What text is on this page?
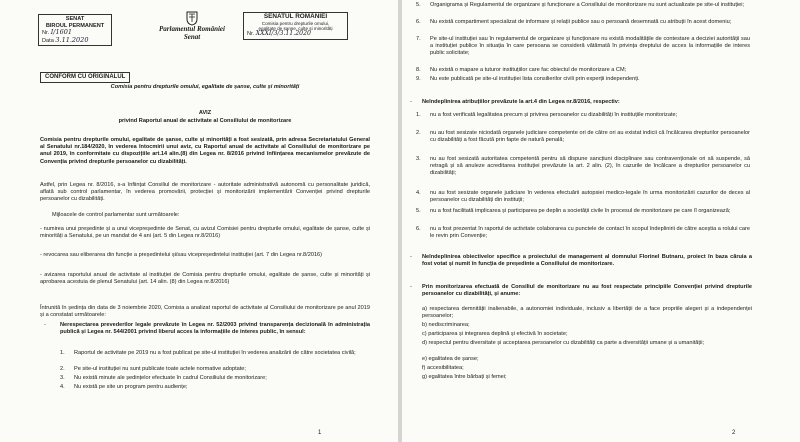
SENAT
BIROUL PERMANENT
Nr. I/1601
Data 3.11.2020
Parlamentul României
Senat
SENATUL ROMÂNIEI
Comisia pentru drepturile omului,
egalitate de șanse, culte și minorități
Nr. XXXI/3/3.11.2020
CONFORM CU ORIGINALUL
Comisia pentru drepturile omului, egalitate de șanse, culte și minorități
AVIZ
privind Raportul anual de activitate al Consiliului de monitorizare

Comisia pentru drepturile omului, egalitate de șanse, culte și minorități a fost sesizată, prin adresa Secretariatului General al Senatului nr.184/2020, în vederea întocmirii unui aviz, cu Raportul anual de activitate al Consiliului de monitorizare pe anul 2019, în conformitate cu dispozițiile art.14 alin.(8) din Legea nr. 8/2016 privind înființarea mecanismelor prevăzute de Convenția privind drepturile persoanelor cu dizabilități.

Astfel, prin Legea nr. 8/2016, s-a înființat Consiliul de monitorizare - autoritate administrativă autonomă cu personalitate juridică, aflată sub control parlamentar, în vederea promovării, protecției și monitorizării implementării Convenției privind drepturile persoanelor cu dizabilități.

Mijloacele de control parlamentar sunt următoarele:

- numirea unui președinte și a unui vicepreședinte de Senat, cu avizul Comisiei pentru drepturile omului, egalitate de șanse, culte și minorități a Senatului, pe un mandat de 4 ani (art. 5 din Legea nr.8/2016)

- revocarea sau eliberarea din funcție a președintelui și/sau vicepreședintelui instituției (art. 7 din Legea nr.8/2016)

- avizarea raportului anual de activitate al instituției de Comisia pentru drepturile omului, egalitate de șanse, culte și minorități și aprobarea acestuia de plenul Senatului (art. 14 alin. (8) din Legea nr.8/2016)

Întrunită în ședința din data de 3 noiembrie 2020, Comisia a analizat raportul de activitate al Consiliului de monitorizare pe anul 2019 și a constatat următoarele:

-	Nerespectarea prevederilor legale prevăzute în Legea nr. 52/2003 privind transparența decizională în administrația publică și Legea nr. 544/2001 privind liberul acces la informațiile de interes public, în sensul:

1. Raportul de activitate pe 2019 nu a fost publicat pe site-ul instituției în vederea analizării de către societatea civilă;

2. Pe site-ul instituției nu sunt publicate toate actele normative adoptate;

3. Nu există minute ale ședințelor efectuate în cadrul Consiliului de monitorizare;

4. Nu există pe site un program pentru audiențe;

1
5. Organigrama și Regulamentul de organizare și funcționare a Consiliului de monitorizare nu sunt actualizate pe site-ul instituției;

6. Nu există compartiment specializat de informare și relații publice sau o persoană desemnată cu atribuții în acest domeniu;

7. Pe site-ul instituției sau în regulamentul de organizare și funcționare nu există modalitățile de contestare a deciziei autorității sau a instituției publice în situația în care persoana se consideră vătămată în privința dreptului de acces la informațiile de interes public solicitate;

8. Nu există o mapare a tuturor instituțiilor care fac obiectul de monitorizare a CM;

9. Nu este publicată pe site-ul instituției lista consilierilor civili prin experții independenți.

- Neîndeplinirea atribuțiilor prevăzute la art.4 din Legea nr.8/2016, respectiv:

1. nu a fost verificată legalitatea precum și privirea persoanelor cu dizabilități în instituțiile monitorizate;

2. nu au fost sesizate niciodată organele judiciare competente ori de către ori au existat indicii că încălcarea drepturilor persoanelor cu dizabilități a fost făcută prin fapte de natură penală;

3. nu au fost sesizată autoritatea competentă pentru să dispune sancțiuni disciplinare sau contravenționale ori să suspende, să retragă și să anuleze acreditarea instituției prevăzute la art. 2 alin. (2), în cazurile de încălcare a drepturilor persoanelor cu dizabilități;

4. nu au fost sesizate organele judiciare în vederea efectuării autopsiei medico-legale în urma monitorizării cazurilor de deces al persoanelor cu dizabilități din instituții;

5. nu a fost facilitată implicarea și participarea pe deplin a societății civile în procesul de monitorizare pe care îl organizează;

6. nu a fost prezentat în raportul de activitate colaborarea cu punctele de contact în scopul îndeplinirii de către aceștia a rolului care le revin prin Convenție;

- Neîndeplinirea obiectivelor specifice a proiectului de management al domnului Florinel Butnaru, proiect în baza căruia a fost votat și numit în funcția de președinte a Consiliului de monitorizare.

- Prin monitorizarea efectuată de Consiliul de monitorizare nu au fost respectate principiile Convenției privind drepturile persoanelor cu dizabilități, și anume:

a) respectarea demnității inalienabile, a autonomiei individuale, inclusiv a libertății de a face propriile alegeri și a independenței persoanelor;

b) nediscriminarea;

c) participarea și integrarea deplină și efectivă în societate;

d) respectul pentru diversitate și acceptarea persoanelor cu dizabilități ca parte a diversității umane și a umanității;

e) egalitatea de șanse;

f) accesibilitatea;

g) egalitatea între bărbați și femei;

2
